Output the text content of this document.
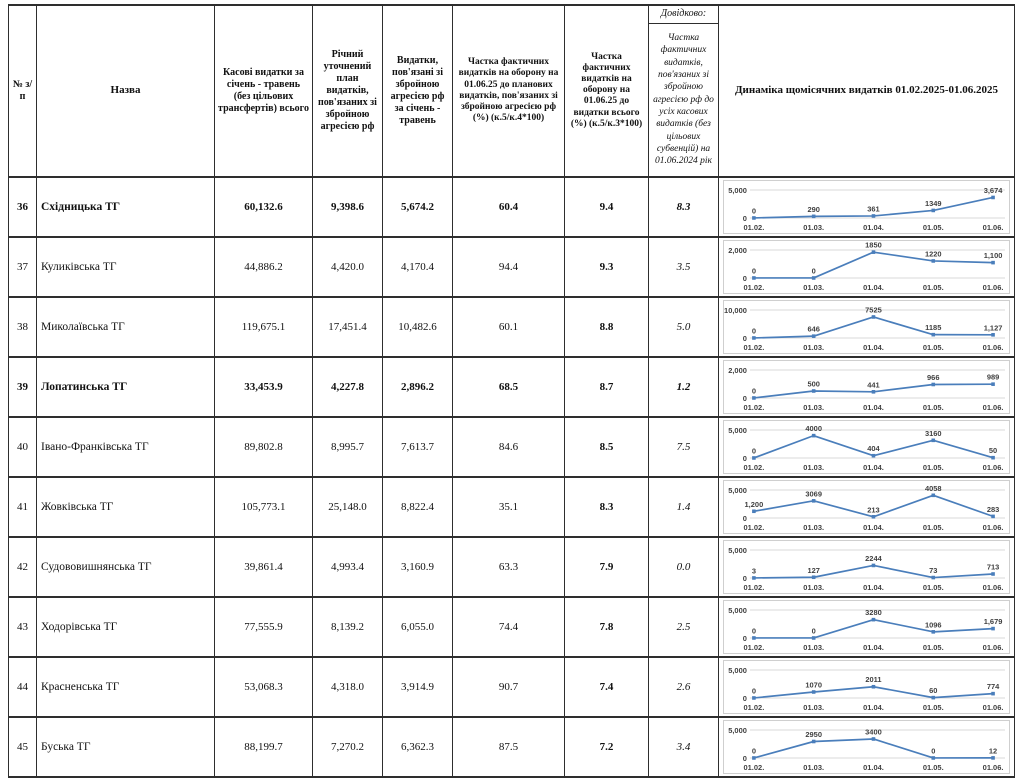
№ з/п	Назва	Касові видатки за січень - травень (без цільових трансфертів) всього	Річний уточнений план видатків, пов'язаних зі збройною агресією рф	Видатки, пов'язані зі збройною агресією рф за січень - травень	Частка фактичних видатків на оборону на 01.06.25 до планових видатків, пов'язаних зі збройною агресією рф (%) (к.5/к.4*100)	Частка фактичних видатків на оборону на 01.06.25 до видатки всього (%) (к.5/к.3*100)	Довідково:
Частка фактичних видатків, пов'язаних зі збройною агресією рф до усіх касових видатків (без цільових субвенцій) на 01.06.2024 рік	Динаміка щомісячних видатків 01.02.2025-01.06.2025
36	Східницька ТГ	60,132.6	9,398.6	5,674.2	60.4	9.4	8.3	
5,000
0
0
01.02.
290
01.03.
361
01.04.
1349
01.05.
3,674
01.06.

37	Куликівська ТГ	44,886.2	4,420.0	4,170.4	94.4	9.3	3.5	
2,000
0
0
01.02.
0
01.03.
1850
01.04.
1220
01.05.
1,100
01.06.

38	Миколаївська ТГ	119,675.1	17,451.4	10,482.6	60.1	8.8	5.0	
10,000
0
0
01.02.
646
01.03.
7525
01.04.
1185
01.05.
1,127
01.06.

39	Лопатинська ТГ	33,453.9	4,227.8	2,896.2	68.5	8.7	1.2	
2,000
0
0
01.02.
500
01.03.
441
01.04.
966
01.05.
989
01.06.

40	Івано-Франківська ТГ	89,802.8	8,995.7	7,613.7	84.6	8.5	7.5	
5,000
0
0
01.02.
4000
01.03.
404
01.04.
3160
01.05.
50
01.06.

41	Жовківська ТГ	105,773.1	25,148.0	8,822.4	35.1	8.3	1.4	
5,000
0
1,200
01.02.
3069
01.03.
213
01.04.
4058
01.05.
283
01.06.

42	Судововишнянська ТГ	39,861.4	4,993.4	3,160.9	63.3	7.9	0.0	
5,000
0
3
01.02.
127
01.03.
2244
01.04.
73
01.05.
713
01.06.

43	Ходорівська ТГ	77,555.9	8,139.2	6,055.0	74.4	7.8	2.5	
5,000
0
0
01.02.
0
01.03.
3280
01.04.
1096
01.05.
1,679
01.06.

44	Красненська ТГ	53,068.3	4,318.0	3,914.9	90.7	7.4	2.6	
5,000
0
0
01.02.
1070
01.03.
2011
01.04.
60
01.05.
774
01.06.

45	Буська ТГ	88,199.7	7,270.2	6,362.3	87.5	7.2	3.4	
5,000
0
0
01.02.
2950
01.03.
3400
01.04.
0
01.05.
12
01.06.
